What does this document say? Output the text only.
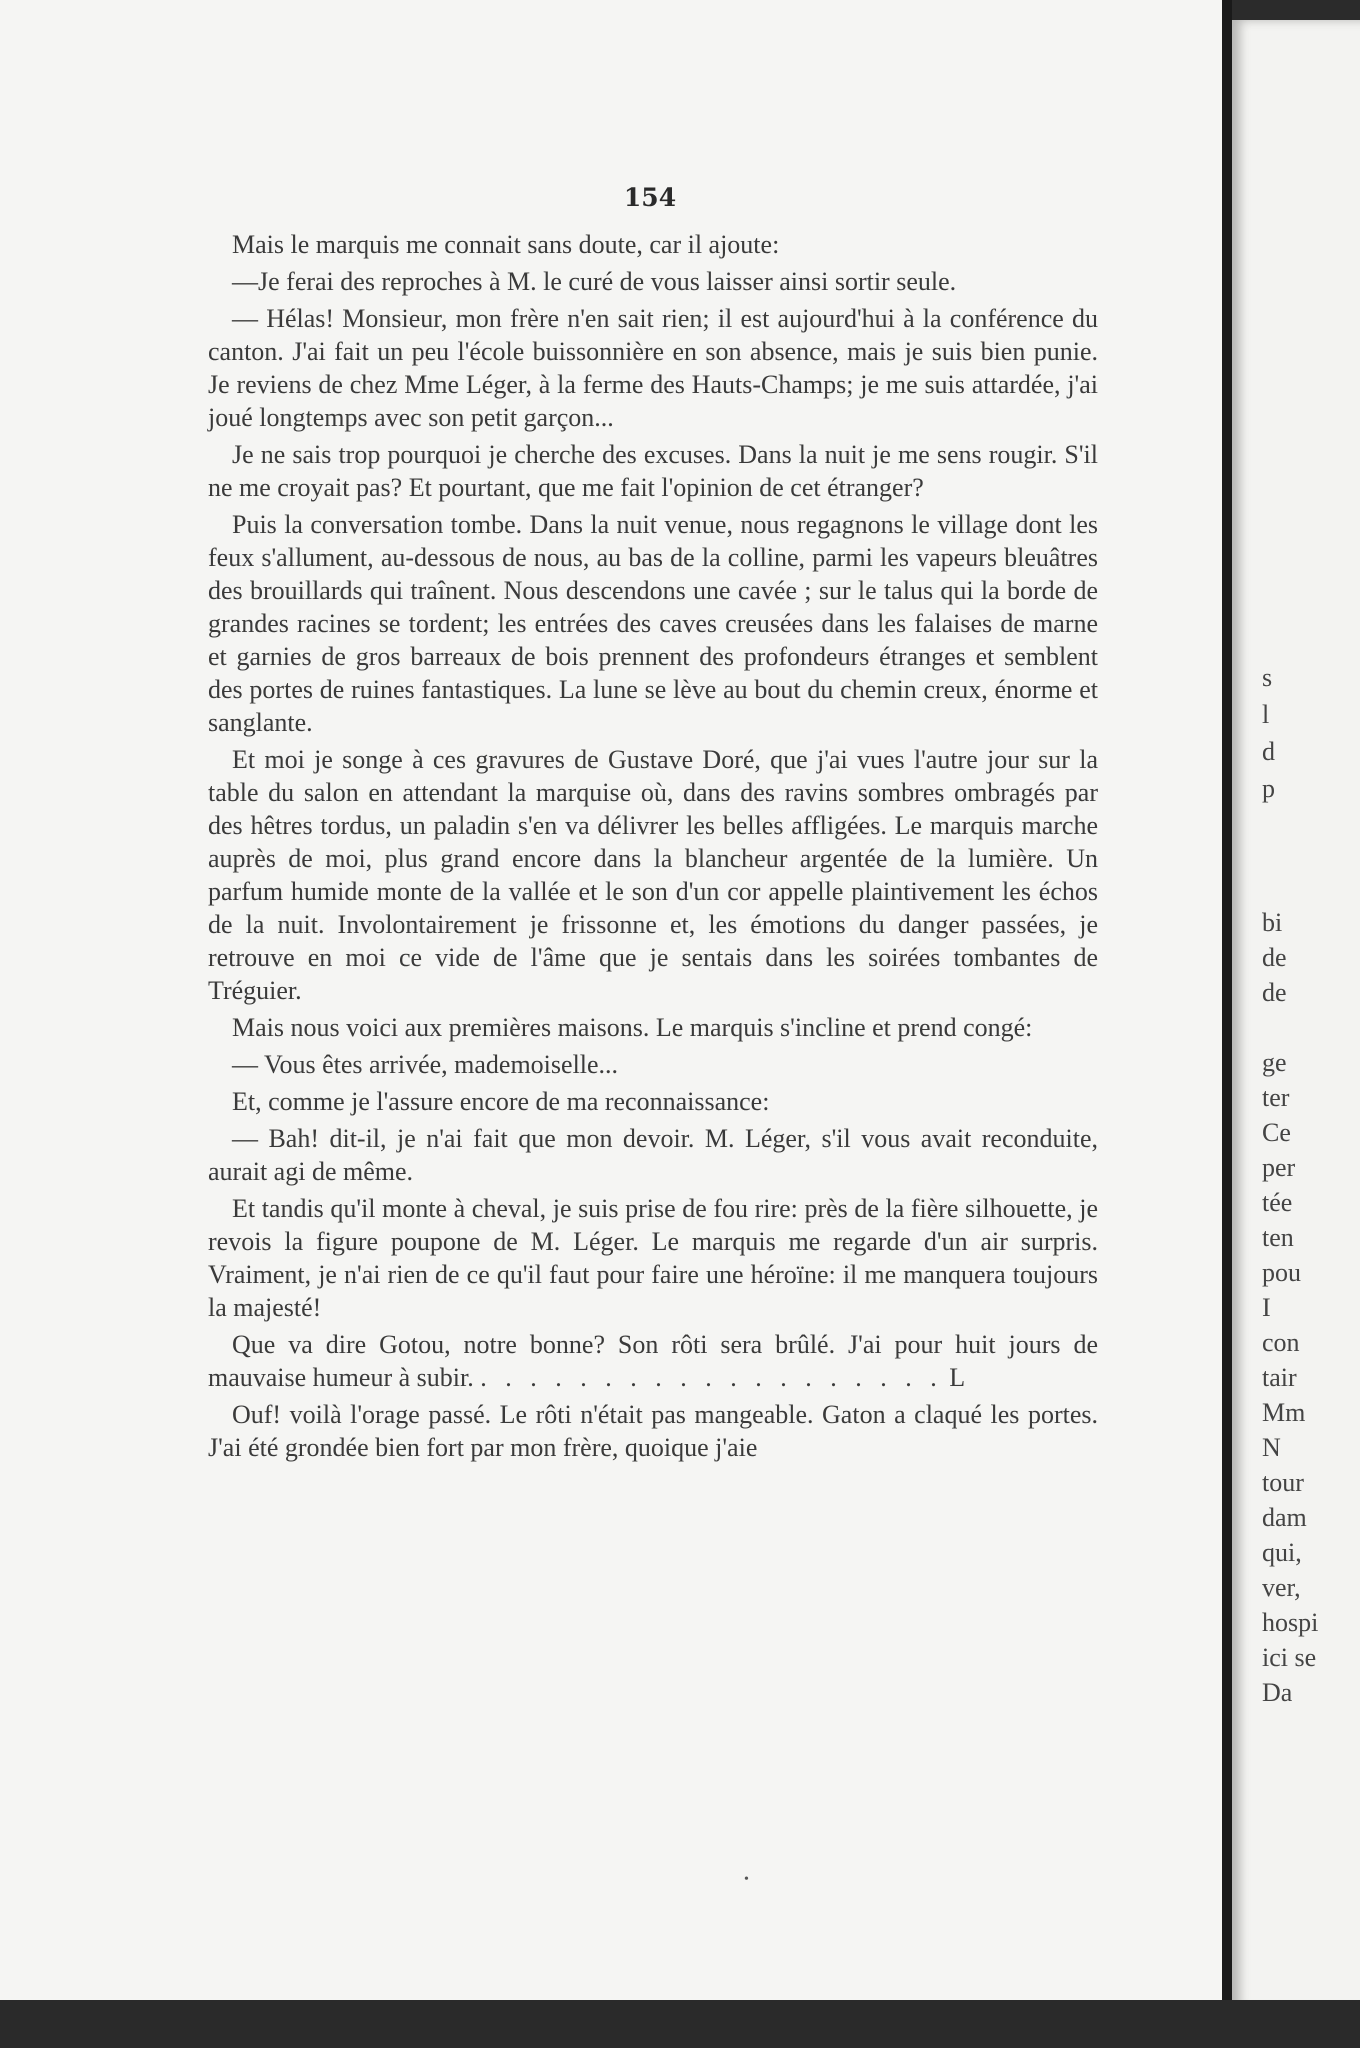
154

Mais le marquis me connait sans doute, car il ajoute:

—Je ferai des reproches à M. le curé de vous laisser ainsi sortir seule.

— Hélas! Monsieur, mon frère n'en sait rien; il est aujourd'hui à la conférence du canton. J'ai fait un peu l'école buissonnière en son absence, mais je suis bien punie. Je reviens de chez Mme Léger, à la ferme des Hauts-Champs; je me suis attardée, j'ai joué longtemps avec son petit garçon...

Je ne sais trop pourquoi je cherche des excuses. Dans la nuit je me sens rougir. S'il ne me croyait pas? Et pourtant, que me fait l'opinion de cet étranger?

Puis la conversation tombe. Dans la nuit venue, nous regagnons le village dont les feux s'allument, au-dessous de nous, au bas de la colline, parmi les vapeurs bleuâtres des brouillards qui traînent. Nous descendons une cavée ; sur le talus qui la borde de grandes racines se tordent; les entrées des caves creusées dans les falaises de marne et garnies de gros barreaux de bois prennent des profondeurs étranges et semblent des portes de ruines fantastiques. La lune se lève au bout du chemin creux, énorme et sanglante.

Et moi je songe à ces gravures de Gustave Doré, que j'ai vues l'autre jour sur la table du salon en attendant la marquise où, dans des ravins sombres ombragés par des hêtres tordus, un paladin s'en va délivrer les belles affligées. Le marquis marche auprès de moi, plus grand encore dans la blancheur argentée de la lumière. Un parfum humide monte de la vallée et le son d'un cor appelle plaintivement les échos de la nuit. Involontairement je frissonne et, les émotions du danger passées, je retrouve en moi ce vide de l'âme que je sentais dans les soirées tombantes de Tréguier.

Mais nous voici aux premières maisons. Le marquis s'incline et prend congé:

— Vous êtes arrivée, mademoiselle...

Et, comme je l'assure encore de ma reconnaissance:

— Bah! dit-il, je n'ai fait que mon devoir. M. Léger, s'il vous avait reconduite, aurait agi de même.

Et tandis qu'il monte à cheval, je suis prise de fou rire: près de la fière silhouette, je revois la figure poupone de M. Léger. Le marquis me regarde d'un air surpris. Vraiment, je n'ai rien de ce qu'il faut pour faire une héroïne: il me manquera toujours la majesté!

Que va dire Gotou, notre bonne? Son rôti sera brûlé. J'ai pour huit jours de mauvaise humeur à subir. . . . . . . . . . . . . . . . . . . . L

Ouf! voilà l'orage passé. Le rôti n'était pas mangeable. Gaton a claqué les portes. J'ai été grondée bien fort par mon frère, quoique j'aie

s
l
d
p
bi
de
de
ge
ter
Ce
per
tée
ten
pou
I
con
tair
Mm
N
tour
dam
qui,
ver,
hospi
ici se
Da
•
